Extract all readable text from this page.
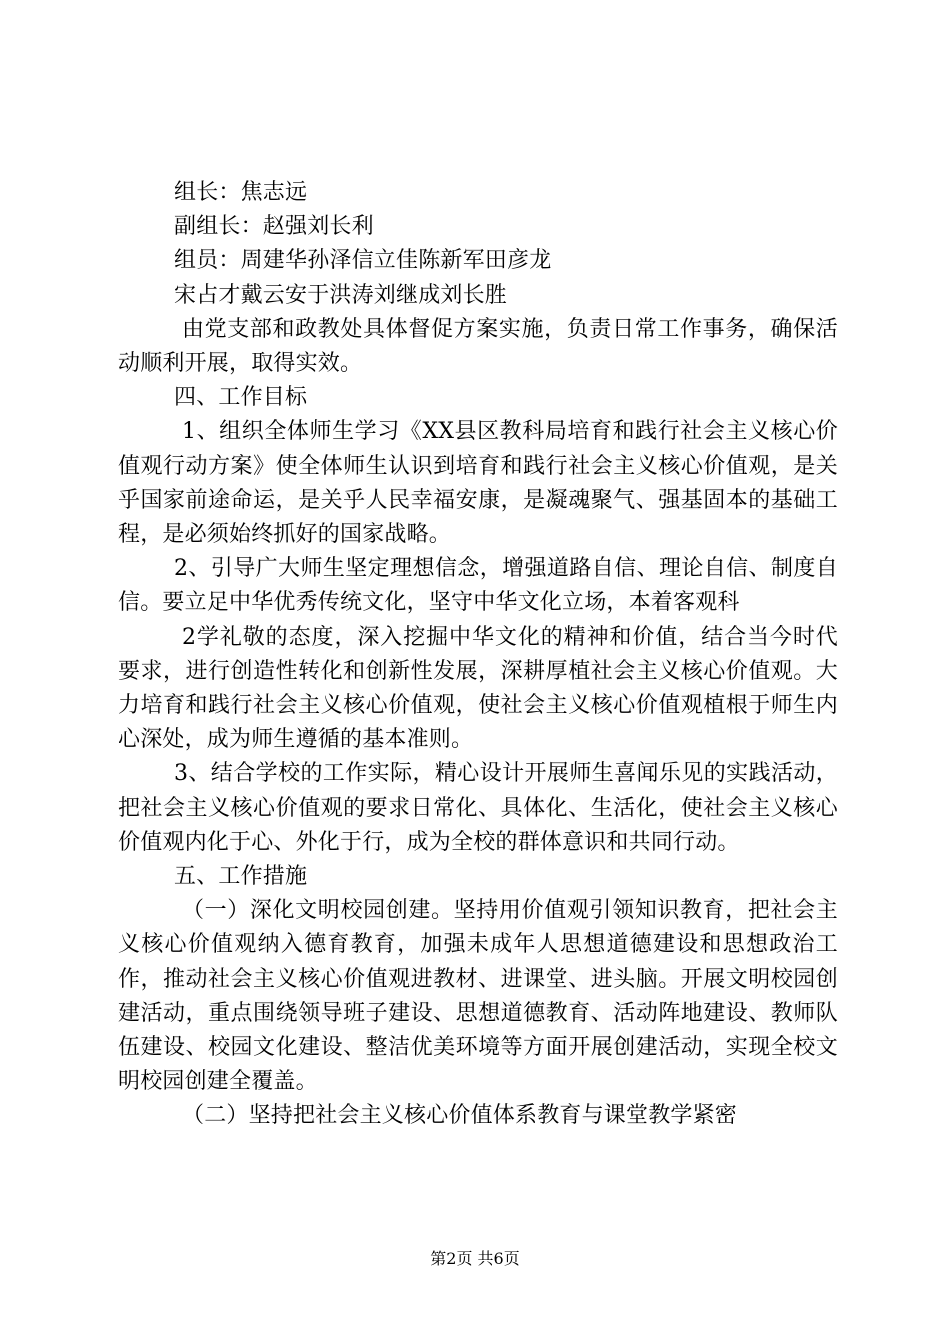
组长：焦志远

副组长：赵强刘长利

组员：周建华孙泽信立佳陈新军田彦龙

宋占才戴云安于洪涛刘继成刘长胜

由党支部和政教处具体督促方案实施，负责日常工作事务，确保活动顺利开展，取得实效。

四、工作目标

1、组织全体师生学习《XX县区教科局培育和践行社会主义核心价值观行动方案》使全体师生认识到培育和践行社会主义核心价值观，是关乎国家前途命运，是关乎人民幸福安康，是凝魂聚气、强基固本的基础工程，是必须始终抓好的国家战略。

2、引导广大师生坚定理想信念，增强道路自信、理论自信、制度自信。要立足中华优秀传统文化，坚守中华文化立场，本着客观科

2学礼敬的态度，深入挖掘中华文化的精神和价值，结合当今时代要求，进行创造性转化和创新性发展，深耕厚植社会主义核心价值观。大力培育和践行社会主义核心价值观，使社会主义核心价值观植根于师生内心深处，成为师生遵循的基本准则。

3、结合学校的工作实际，精心设计开展师生喜闻乐见的实践活动，把社会主义核心价值观的要求日常化、具体化、生活化，使社会主义核心价值观内化于心、外化于行，成为全校的群体意识和共同行动。

五、工作措施

（一）深化文明校园创建。坚持用价值观引领知识教育，把社会主义核心价值观纳入德育教育，加强未成年人思想道德建设和思想政治工作，推动社会主义核心价值观进教材、进课堂、进头脑。开展文明校园创建活动，重点围绕领导班子建设、思想道德教育、活动阵地建设、教师队伍建设、校园文化建设、整洁优美环境等方面开展创建活动，实现全校文明校园创建全覆盖。

（二）坚持把社会主义核心价值体系教育与课堂教学紧密

第2页 共6页
